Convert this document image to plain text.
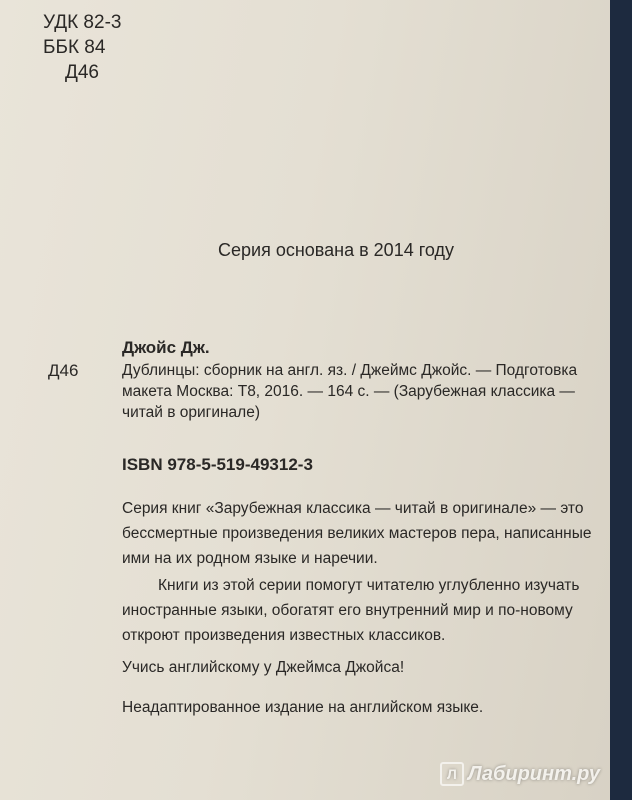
УДК 82-3
ББК 84
Д46
Серия основана в 2014 году
Д46
Джойс Дж.
Дублинцы: сборник на англ. яз. / Джеймс Джойс. — Подготовка
макета Москва: Т8, 2016. — 164 с. — (Зарубежная классика —
читай в оригинале)
ISBN 978-5-519-49312-3
Серия книг «Зарубежная классика — читай в оригинале» — это
бессмертные произведения великих мастеров пера, написанные
ими на их родном языке и наречии.
Книги из этой серии помогут читателю углубленно изучать
иностранные языки, обогатят его внутренний мир и по-новому
откроют произведения известных классиков.
Учись английскому у Джеймса Джойса!
Неадаптированное издание на английском языке.
Л Лабиринт.ру
